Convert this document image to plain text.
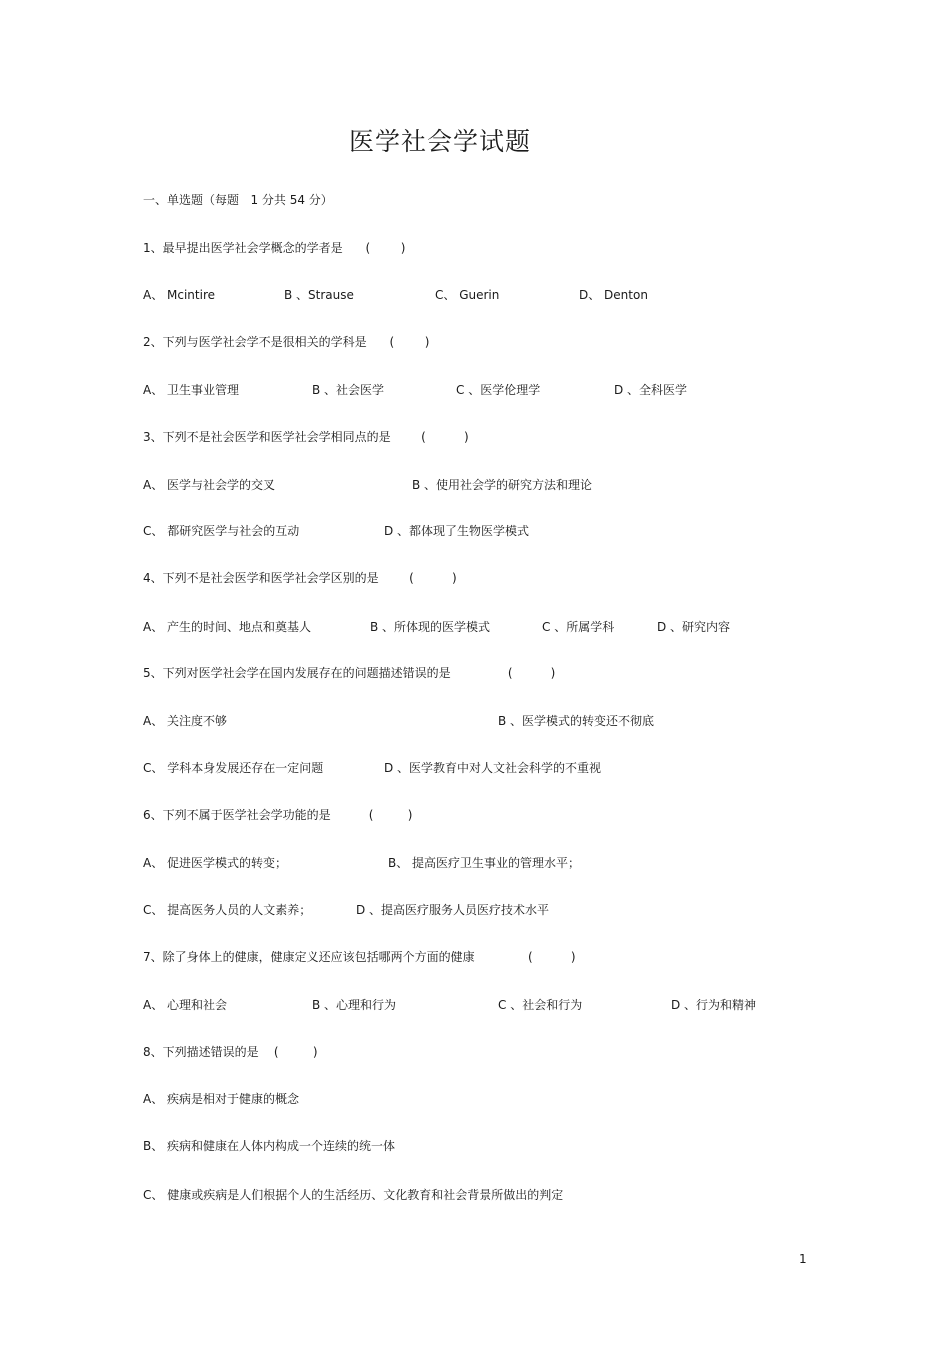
医学社会学试题
一、单选题（每题   1 分共 54 分）
1、最早提出医学社会学概念的学者是      (        )
A、 Mcintire	B 、Strause	C、 Guerin	D、 Denton
2、下列与医学社会学不是很相关的学科是      (        )
A、 卫生事业管理	B 、社会医学	C 、医学伦理学	D 、全科医学
3、下列不是社会医学和医学社会学相同点的是        (          )
A、 医学与社会学的交叉	B 、使用社会学的研究方法和理论
C、 都研究医学与社会的互动	D 、都体现了生物医学模式
4、下列不是社会医学和医学社会学区别的是        (          )
A、 产生的时间、地点和奠基人	B 、所体现的医学模式	C 、所属学科	D 、研究内容
5、下列对医学社会学在国内发展存在的问题描述错误的是               (          )
A、 关注度不够	B 、医学模式的转变还不彻底
C、 学科本身发展还存在一定问题	D 、医学教育中对人文社会科学的不重视
6、下列不属于医学社会学功能的是          (         )
A、 促进医学模式的转变；	B、 提高医疗卫生事业的管理水平；
C、 提高医务人员的人文素养；	D 、提高医疗服务人员医疗技术水平
7、除了身体上的健康，健康定义还应该包括哪两个方面的健康              (          )
A、 心理和社会	B 、心理和行为	C 、社会和行为	D 、行为和精神
8、下列描述错误的是    (         )
A、 疾病是相对于健康的概念
B、 疾病和健康在人体内构成一个连续的统一体
C、 健康或疾病是人们根据个人的生活经历、文化教育和社会背景所做出的判定
1
